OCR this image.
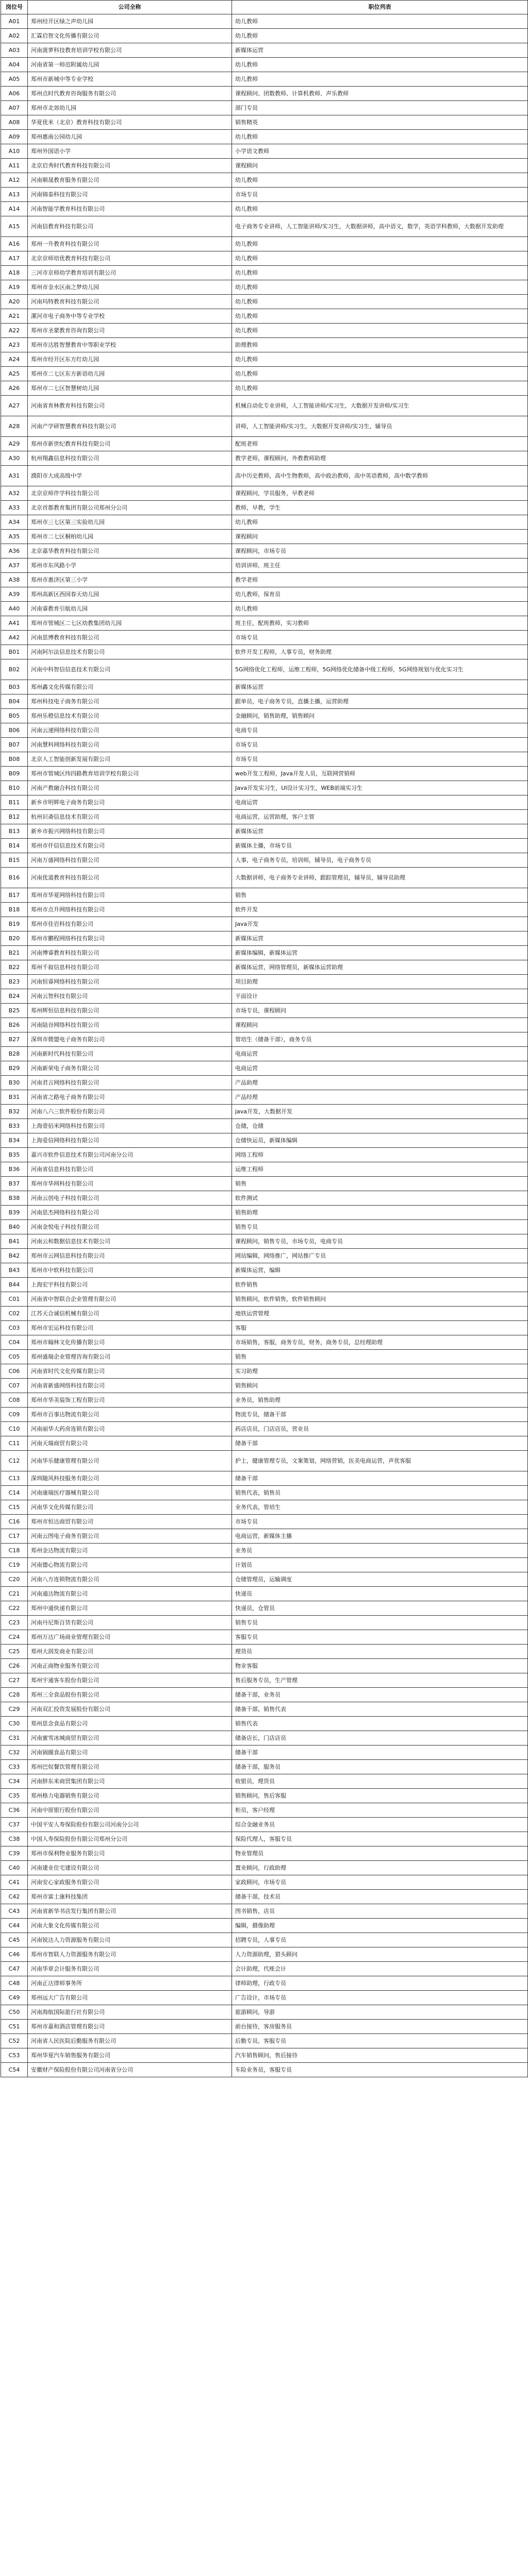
岗位号	公司全称	职位列表
A01	郑州经开区绿之声幼儿园	幼儿教师
A02	汇霖启智文化传播有限公司	幼儿教师
A03	河南菠萝科技教育培训学校有限公司	新媒体运营
A04	河南省第一师范附属幼儿园	幼儿教师
A05	郑州市新城中等专业学校	幼儿教师
A06	郑州点时代教育咨询服务有限公司	课程顾问、团数教师、计算机教师、声乐教师
A07	郑州市北郊幼儿园	部门专员
A08	华夏优米（北京）教育科技有限公司	销售精英
A09	郑州惠南公园幼儿园	幼儿教师
A10	郑州外国语小学	小学语文教师
A11	北京启秀时代教育科技有限公司	课程顾问
A12	河南顺晟教育服务有限公司	幼儿教师
A13	河南锦泰科技有限公司	市场专员
A14	河南智能学教育科技有限公司	幼儿教师
A15	河南信教育科技有限公司	电子商务专业讲师，人工智能讲师/实习生，大数据讲师，高中语文，数学，英语学科教师，大数据开发助理
A16	郑州一升教育科技有限公司	幼儿教师
A17	北京京师培优教育科技有限公司	幼儿教师
A18	三河市京师幼学教育培训有限公司	幼儿教师
A19	郑州市金水区南之梦幼儿园	幼儿教师
A20	河南玛特教育科技有限公司	幼儿教师
A21	漯河市电子商务中等专业学校	幼儿教师
A22	郑州市圣蒙教育咨询有限公司	幼儿教师
A23	郑州市达胜智慧教育中等职业学校	助理教师
A24	郑州市经开区东方红幼儿园	幼儿教师
A25	郑州市二七区东方新语幼儿园	幼儿教师
A26	郑州市二七区智慧树幼儿园	幼儿教师
A27	河南省育林教育科技有限公司	机械自动化专业讲师，人工智能讲师/实习生，大数据开发讲师/实习生
A28	河南产学研智慧教育科技有限公司	讲师，人工智能讲师/实习生，大数据开发讲师/实习生，辅导员
A29	郑州市新世纪教育科技有限公司	配班老师
A30	杭州翔鑫信息科技有限公司	教学老师，课程顾问，外教教师助理
A31	濮阳市大成高级中学	高中历史教师，高中生物教师，高中政治教师，高中英语教师，高中数学教师
A32	北京京师伴学科技有限公司	课程顾问，学员服务，早教老师
A33	北京首都教育集团有限公司郑州分公司	教师，早教，学生
A34	郑州市三七区第三实验幼儿园	幼儿教师
A35	郑州市二七区桐柏幼儿园	课程顾问
A36	北京嘉华教育科技有限公司	课程顾问，市场专员
A37	郑州市东风路小学	培训讲师，班主任
A38	郑州市惠济区第三小学	教学老师
A39	郑州高新区西园春天幼儿园	幼儿教师，保育员
A40	河南睿教育引航幼儿园	幼儿教师
A41	郑州市管城区二七区幼教集团幼儿园	班主任，配班教师，实习教师
A42	河南思博教育科技有限公司	市场专员
B01	河南阿尔法信息技术有限公司	软件开发工程师，人事专员，财务助理
B02	河南中科智信信息技术有限公司	5G网络优化工程师，运维工程师，5G网络优化储备中级工程师，5G网络规划与优化实习生
B03	郑州鑫文化传媒有限公司	新媒体运营
B04	郑州科技电子商务有限公司	跟单员，电子商务专员，直播主播，运营助理
B05	郑州乐橙信息技术有限公司	金融顾问，销售助理，销售顾问
B06	河南云速网络科技有限公司	电商专员
B07	河南慧科网络科技有限公司	市场专员
B08	北京人工智能创新发展有限公司	市场专员
B09	郑州市管城区纬四路教育培训学校有限公司	web开发工程师，Java开发人员，互联网营销师
B10	河南产教融合科技有限公司	Java开发实习生，UI设计实习生，WEB前端实习生
B11	新乡市明辉电子商务有限公司	电商运营
B12	杭州识斋信息技术有限公司	电商运营，运营助理，客户主管
B13	新乡市振兴网络科技有限公司	新媒体运营
B14	郑州市仟信信息技术有限公司	新媒体主播，市场专员
B15	河南万盛网络科技有限公司	人事，电子商务专员，培训师，辅导员，电子商务专员
B16	河南优道教育科技有限公司	大数据讲师，电子商务专业讲师，跟踪管理员，辅导员，辅导员助理
B17	郑州市华夏网络科技有限公司	销售
B18	郑州市点升网络科技有限公司	软件开发
B19	郑州市佳岩科技有限公司	Java开发
B20	郑州市鹏程网络科技有限公司	新媒体运营
B21	河南博睿教育科技有限公司	新媒体编辑，新媒体运营
B22	郑州千叙信息科技有限公司	新媒体运营，网络管理员，新媒体运营助理
B23	河南恒睿网络科技有限公司	项目助理
B24	河南云智科技有限公司	平面设计
B25	郑州辉恒信息科技有限公司	市场专员，课程顾问
B26	河南陆谷网络科技有限公司	课程顾问
B27	深圳市微盟电子商务有限公司	管培生（储备干部），商务专员
B28	河南新时代科技有限公司	电商运营
B29	河南新荣电子商务有限公司	电商运营
B30	河南君言网络科技有限公司	产品助理
B31	河南省之路电子商务有限公司	产品经理
B32	河南八六三软件股份有限公司	java开发，大数据开发
B33	上海壹佰米网络科技有限公司	仓储，仓储
B34	上海爱信网络科技有限公司	仓储快运员，新媒体编辑
B35	嘉兴市软件信息技术有限公司河南分公司	网络工程师
B36	河南省信息科技有限公司	运维工程师
B37	郑州市华网科技有限公司	销售
B38	河南云创电子科技有限公司	软件测试
B39	河南思杰网络科技有限公司	销售助理
B40	河南金悦电子科技有限公司	销售专员
B41	河南云和数据信息技术有限公司	课程顾问，销售专员，市场专员，电商专员
B42	郑州市云网信息科技有限公司	网站编辑，网络推广，网站推广专员
B43	郑州市中软科技有限公司	新媒体运营，编辑
B44	上海宏宇科技有限公司	软件销售
C01	河南省中智联合企业管理有限公司	销售顾问，软件销售，软件销售顾问
C02	江苏天合诚信机械有限公司	地铁运营管理
C03	郑州市宏运科技有限公司	客服
C04	郑州市翰林文化传播有限公司	市场销售，客服，商务专员，财务，商务专员，总经理助理
C05	郑州盛瑞企业管理咨询有限公司	销售
C06	河南省时代文化传媒有限公司	实习助理
C07	河南省新盛网络科技有限公司	销售顾问
C08	郑州市华美装饰工程有限公司	业务员，销售助理
C09	郑州市百事达物流有限公司	物流专员，储备干部
C10	河南丽华大药房连锁有限公司	药店店员，门店店员，营业员
C11	河南天瑞商贸有限公司	储备干部
C12	河南华乐健康管理有限公司	护士，健康管理专员，文案策划，网络营销，医美电商运营，声优客服
C13	深圳随风科技服务有限公司	储备干部
C14	河南康瑞医疗器械有限公司	销售代表，销售员
C15	河南华文化传媒有限公司	业务代表，管培生
C16	郑州市恒达商贸有限公司	市场专员
C17	河南云图电子商务有限公司	电商运营，新媒体主播
C18	郑州金达物流有限公司	业务员
C19	河南德心物流有限公司	计划员
C20	河南八方连锁物流有限公司	仓储管理员，运输调度
C21	河南通达物流有限公司	快递员
C22	郑州中通快递有限公司	快递员，仓管员
C23	河南丹尼斯百货有限公司	销售专员
C24	郑州万达广场商业管理有限公司	客服专员
C25	郑州大润发商业有限公司	理货员
C26	河南正商物业服务有限公司	物业客服
C27	郑州宇通客车股份有限公司	售后服务专员，生产管理
C28	郑州三全食品股份有限公司	储备干部，业务员
C29	河南双汇投资发展股份有限公司	储备干部，销售代表
C30	郑州思念食品有限公司	销售代表
C31	河南蜜雪冰城商贸有限公司	储备店长，门店店员
C32	河南锅圈食品有限公司	储备干部
C33	郑州巴奴餐饮管理有限公司	储备干部，服务员
C34	河南胖东来商贸集团有限公司	收银员，理货员
C35	郑州格力电器销售有限公司	销售顾问，售后客服
C36	河南中原银行股份有限公司	柜员，客户经理
C37	中国平安人寿保险股份有限公司河南分公司	综合金融业务员
C38	中国人寿保险股份有限公司郑州分公司	保险代理人，客服专员
C39	郑州市保利物业服务有限公司	物业管理员
C40	河南建业住宅建设有限公司	置业顾问，行政助理
C41	河南安心家政服务有限公司	家政顾问，市场专员
C42	郑州市富士康科技集团	储备干部，技术员
C43	河南省新华书店发行集团有限公司	图书销售，店员
C44	河南大象文化传媒有限公司	编辑，摄像助理
C45	河南锐达人力资源服务有限公司	招聘专员，人事专员
C46	郑州市智联人力资源服务有限公司	人力资源助理，猎头顾问
C47	河南华章会计服务有限公司	会计助理，代账会计
C48	河南正达律师事务所	律师助理，行政专员
C49	郑州远大广告有限公司	广告设计，市场专员
C50	河南海航国际旅行社有限公司	旅游顾问，导游
C51	郑州市嘉和酒店管理有限公司	前台接待，客房服务员
C52	河南省人民医院后勤服务有限公司	后勤专员，客服专员
C53	郑州华夏汽车销售服务有限公司	汽车销售顾问，售后接待
C54	安徽财产保险股份有限公司河南省分公司	车险业务员，客服专员
